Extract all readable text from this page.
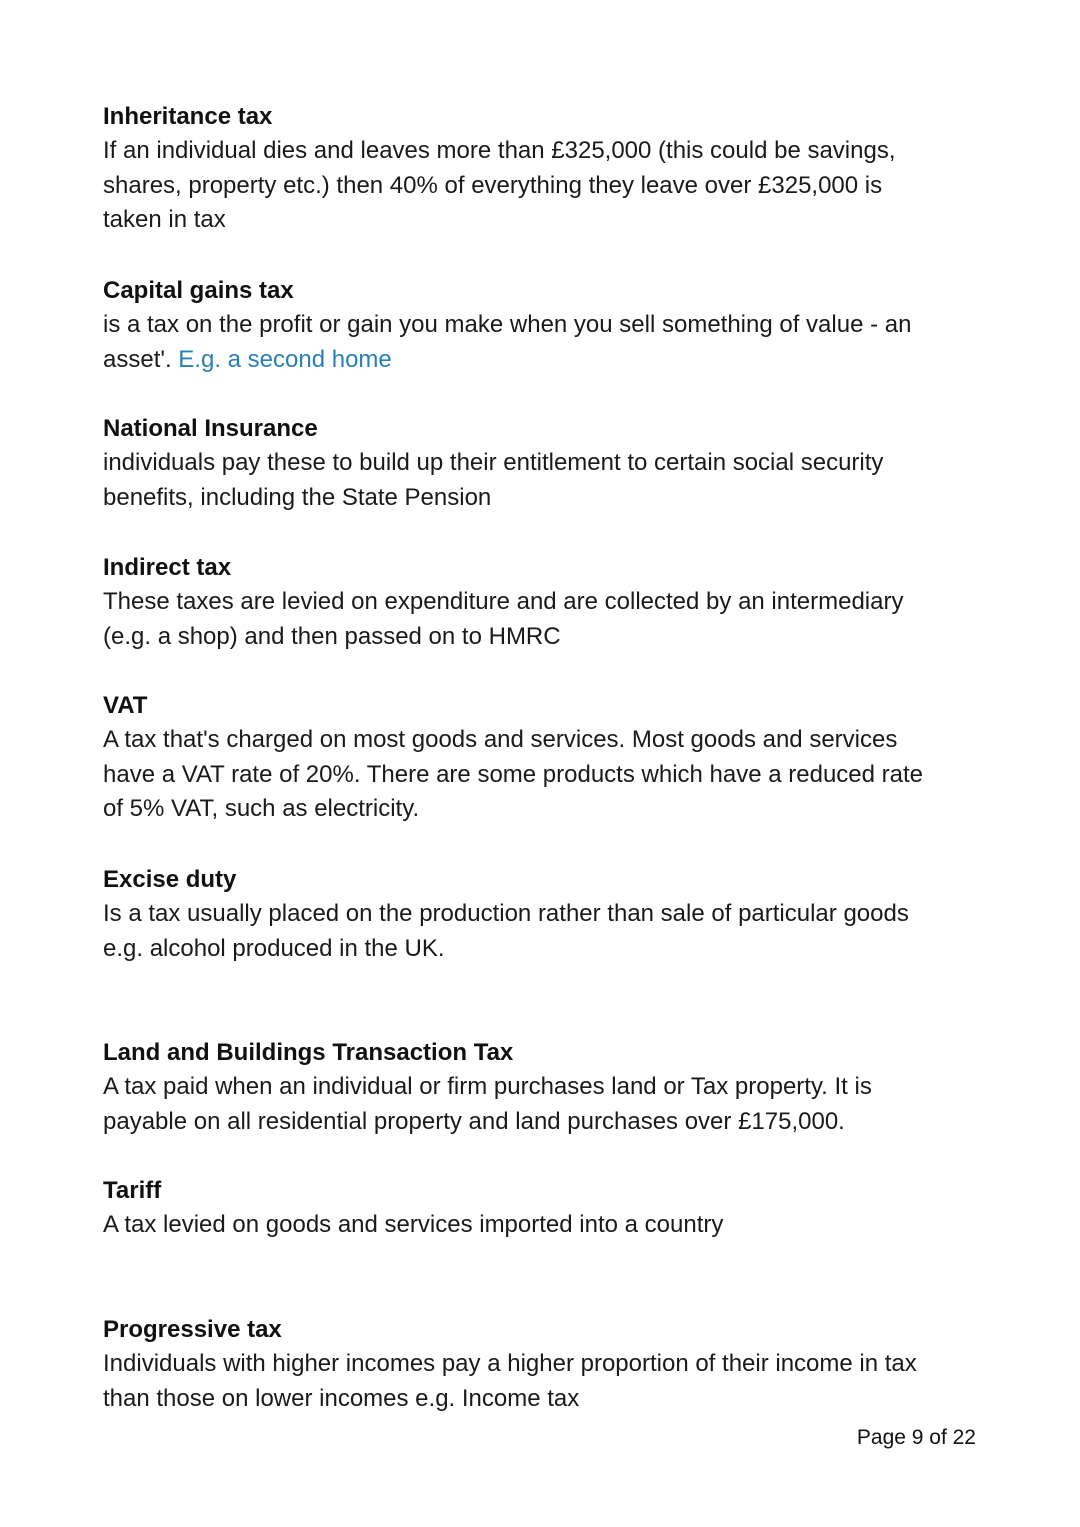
Inheritance tax

If an individual dies and leaves more than £325,000 (this could be savings, shares, property etc.) then 40% of everything they leave over £325,000 is taken in tax

Capital gains tax

is a tax on the profit or gain you make when you sell something of value - an asset'. E.g. a second home

National Insurance

individuals pay these to build up their entitlement to certain social security benefits, including the State Pension

Indirect tax

These taxes are levied on expenditure and are collected by an intermediary (e.g. a shop) and then passed on to HMRC

VAT

A tax that's charged on most goods and services. Most goods and services have a VAT rate of 20%. There are some products which have a reduced rate of 5% VAT, such as electricity.

Excise duty

Is a tax usually placed on the production rather than sale of particular goods e.g. alcohol produced in the UK.

Land and Buildings Transaction Tax

A tax paid when an individual or firm purchases land or Tax property. It is payable on all residential property and land purchases over £175,000.

Tariff

A tax levied on goods and services imported into a country

Progressive tax

Individuals with higher incomes pay a higher proportion of their income in tax than those on lower incomes e.g. Income tax

Page 9 of 22
